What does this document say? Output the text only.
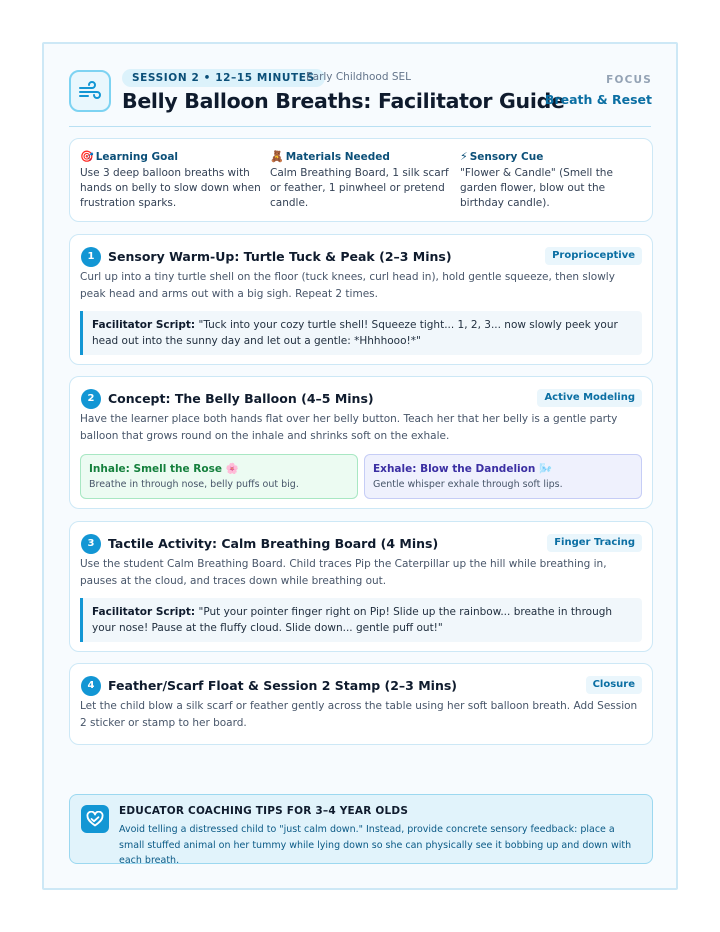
SESSION 2 • 12–15 MINUTES
Early Childhood SEL
Belly Balloon Breaths: Facilitator Guide
FOCUS
Breath & Reset
🎯 Learning Goal
Use 3 deep balloon breaths with hands on belly to slow down when frustration sparks.
🧸 Materials Needed
Calm Breathing Board, 1 silk scarf or feather, 1 pinwheel or pretend candle.
⚡ Sensory Cue
"Flower & Candle" (Smell the garden flower, blow out the birthday candle).
1	Sensory Warm-Up: Turtle Tuck & Peak (2–3 Mins)	Proprioceptive
Curl up into a tiny turtle shell on the floor (tuck knees, curl head in), hold gentle squeeze, then slowly peak head and arms out with a big sigh. Repeat 2 times.
Facilitator Script: "Tuck into your cozy turtle shell! Squeeze tight... 1, 2, 3... now slowly peek your head out into the sunny day and let out a gentle: *Hhhhooo!*"
2	Concept: The Belly Balloon (4–5 Mins)	Active Modeling
Have the learner place both hands flat over her belly button. Teach her that her belly is a gentle party balloon that grows round on the inhale and shrinks soft on the exhale.
Inhale: Smell the Rose 🌸
Breathe in through nose, belly puffs out big.
Exhale: Blow the Dandelion 🌬️
Gentle whisper exhale through soft lips.
3	Tactile Activity: Calm Breathing Board (4 Mins)	Finger Tracing
Use the student Calm Breathing Board. Child traces Pip the Caterpillar up the hill while breathing in, pauses at the cloud, and traces down while breathing out.
Facilitator Script: "Put your pointer finger right on Pip! Slide up the rainbow... breathe in through your nose! Pause at the fluffy cloud. Slide down... gentle puff out!"
4	Feather/Scarf Float & Session 2 Stamp (2–3 Mins)	Closure
Let the child blow a silk scarf or feather gently across the table using her soft balloon breath. Add Session 2 sticker or stamp to her board.
EDUCATOR COACHING TIPS FOR 3–4 YEAR OLDS
Avoid telling a distressed child to "just calm down." Instead, provide concrete sensory feedback: place a small stuffed animal on her tummy while lying down so she can physically see it bobbing up and down with each breath.
